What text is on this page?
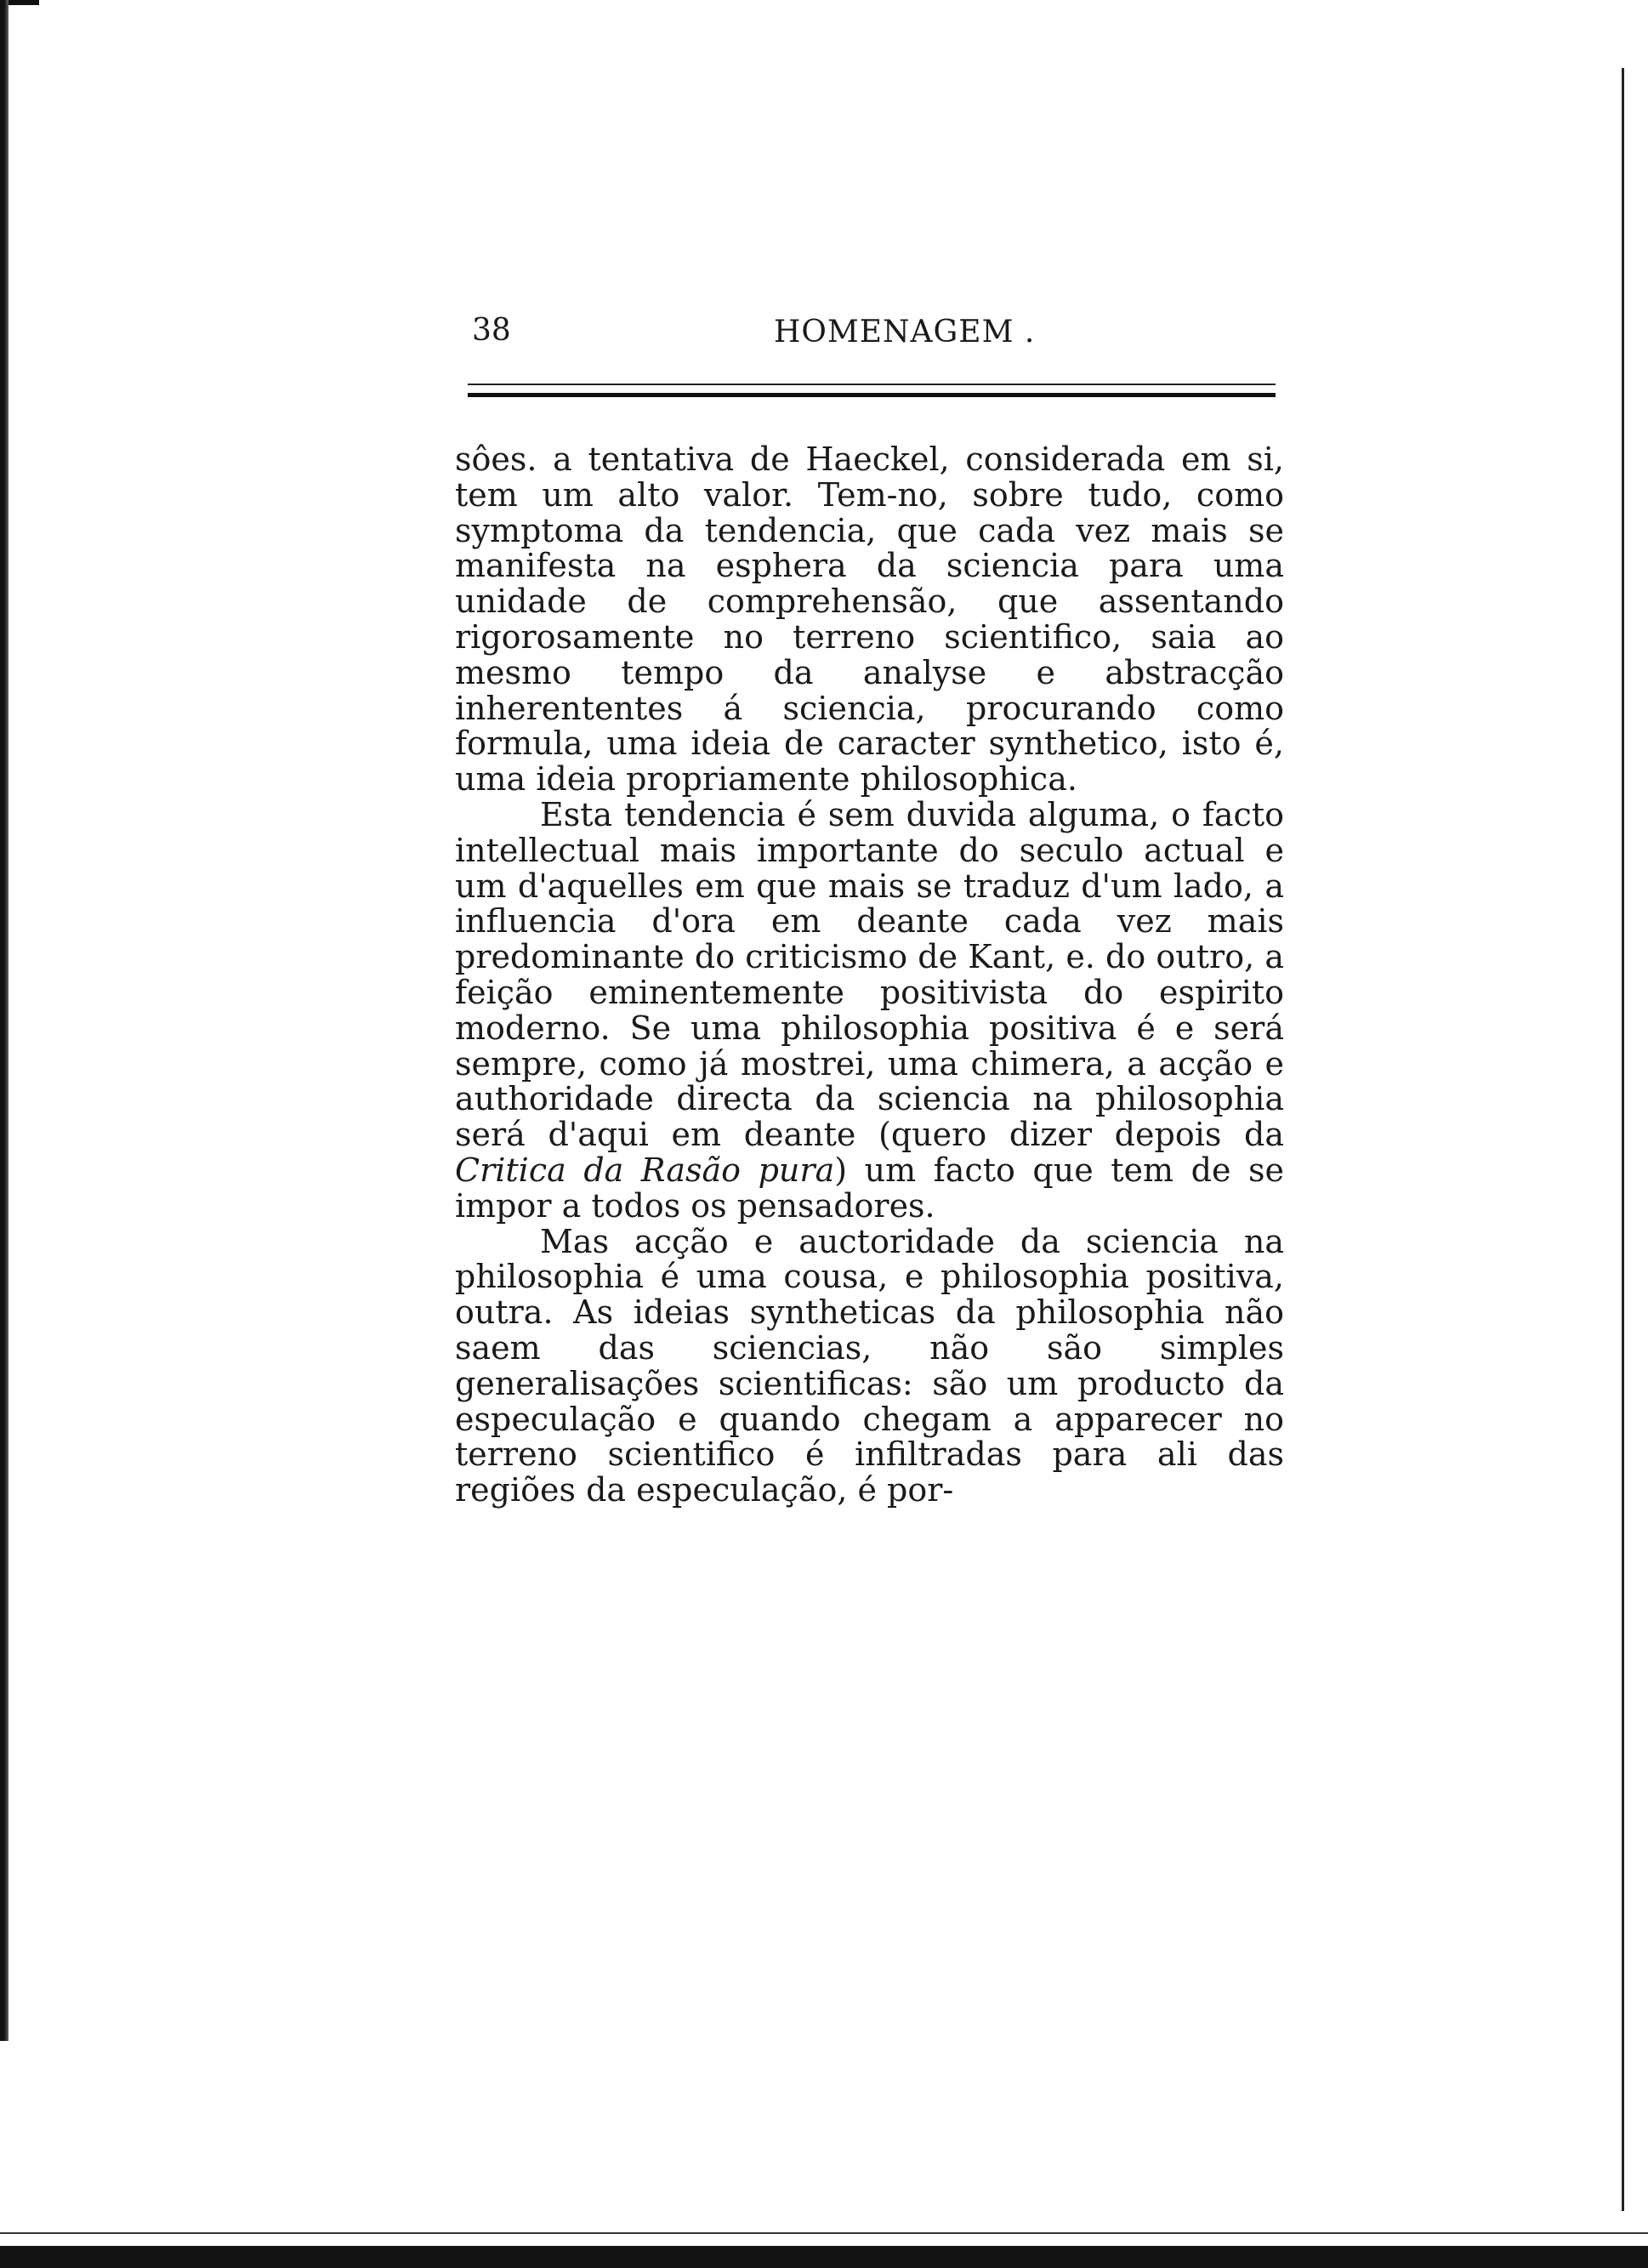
38	HOMENAGEM .

sôes. a tentativa de Haeckel, considerada em si, tem um alto valor. Tem-no, sobre tudo, como symptoma da tendencia, que cada vez mais se manifesta na esphera da sciencia para uma unidade de comprehensão, que assentando rigorosamente no terreno scientifico, saia ao mesmo tempo da analyse e abstracção inherententes á sciencia, procurando como formula, uma ideia de caracter synthetico, isto é, uma ideia propriamente philosophica.

Esta tendencia é sem duvida alguma, o facto intellectual mais importante do seculo actual e um d'aquelles em que mais se traduz d'um lado, a influencia d'ora em deante cada vez mais predominante do criticismo de Kant, e. do outro, a feição eminentemente positivista do espirito moderno. Se uma philosophia positiva é e será sempre, como já mostrei, uma chimera, a acção e authoridade directa da sciencia na philosophia será d'aqui em deante (quero dizer depois da Critica da Rasão pura) um facto que tem de se impor a todos os pensadores.

Mas acção e auctoridade da sciencia na philosophia é uma cousa, e philosophia positiva, outra. As ideias syntheticas da philosophia não saem das sciencias, não são simples generalisações scientificas: são um producto da especulação e quando chegam a apparecer no terreno scientifico é infiltradas para ali das regiões da especulação, é por-
